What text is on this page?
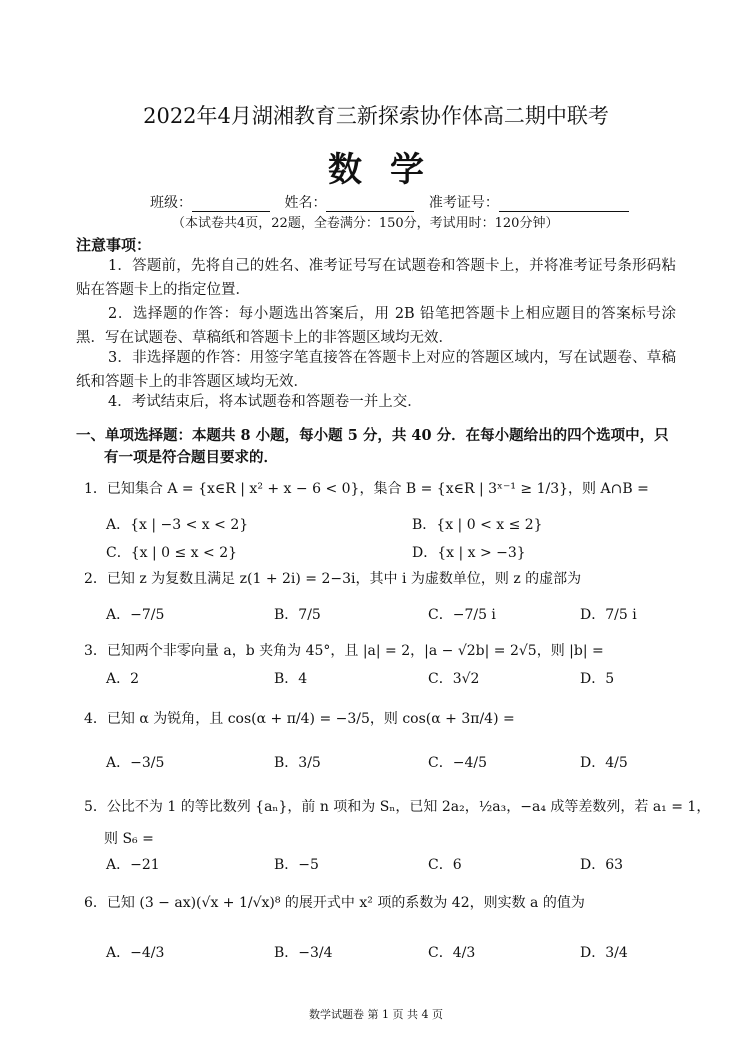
2022年4月湖湘教育三新探索协作体高二期中联考
数学
班级：	姓名：	准考证号：
（本试卷共4页，22题，全卷满分：150分，考试用时：120分钟）
注意事项：
1．答题前，先将自己的姓名、准考证号写在试题卷和答题卡上，并将准考证号条形码粘贴在答题卡上的指定位置．
2．选择题的作答：每小题选出答案后，用 2B 铅笔把答题卡上相应题目的答案标号涂黑．写在试题卷、草稿纸和答题卡上的非答题区域均无效．
3．非选择题的作答：用签字笔直接答在答题卡上对应的答题区域内，写在试题卷、草稿纸和答题卡上的非答题区域均无效．
4．考试结束后，将本试题卷和答题卷一并上交．
一、单项选择题：本题共 8 小题，每小题 5 分，共 40 分．在每小题给出的四个选项中，只
有一项是符合题目要求的．
1．已知集合 A = {x∈R | x² + x − 6 < 0}，集合 B = {x∈R | 3ˣ⁻¹ ≥ 1/3}，则 A∩B =
A．{x | −3 < x < 2}	B．{x | 0 < x ≤ 2}
C．{x | 0 ≤ x < 2}	D．{x | x > −3}
2．已知 z 为复数且满足 z(1 + 2i) = 2−3i，其中 i 为虚数单位，则 z 的虚部为
A．−7/5	B．7/5	C．−7/5 i	D．7/5 i
3．已知两个非零向量 a，b 夹角为 45°，且 |a| = 2，|a − √2b| = 2√5，则 |b| =
A．2	B．4	C．3√2	D．5
4．已知 α 为锐角，且 cos(α + π/4) = −3/5，则 cos(α + 3π/4) =
A．−3/5	B．3/5	C．−4/5	D．4/5
5．公比不为 1 的等比数列 {aₙ}，前 n 项和为 Sₙ，已知 2a₂，½a₃，−a₄ 成等差数列，若 a₁ = 1，
则 S₆ =
A．−21	B．−5	C．6	D．63
6．已知 (3 − ax)(√x + 1/√x)⁸ 的展开式中 x² 项的系数为 42，则实数 a 的值为
A．−4/3	B．−3/4	C．4/3	D．3/4
数学试题卷 第 1 页 共 4 页
